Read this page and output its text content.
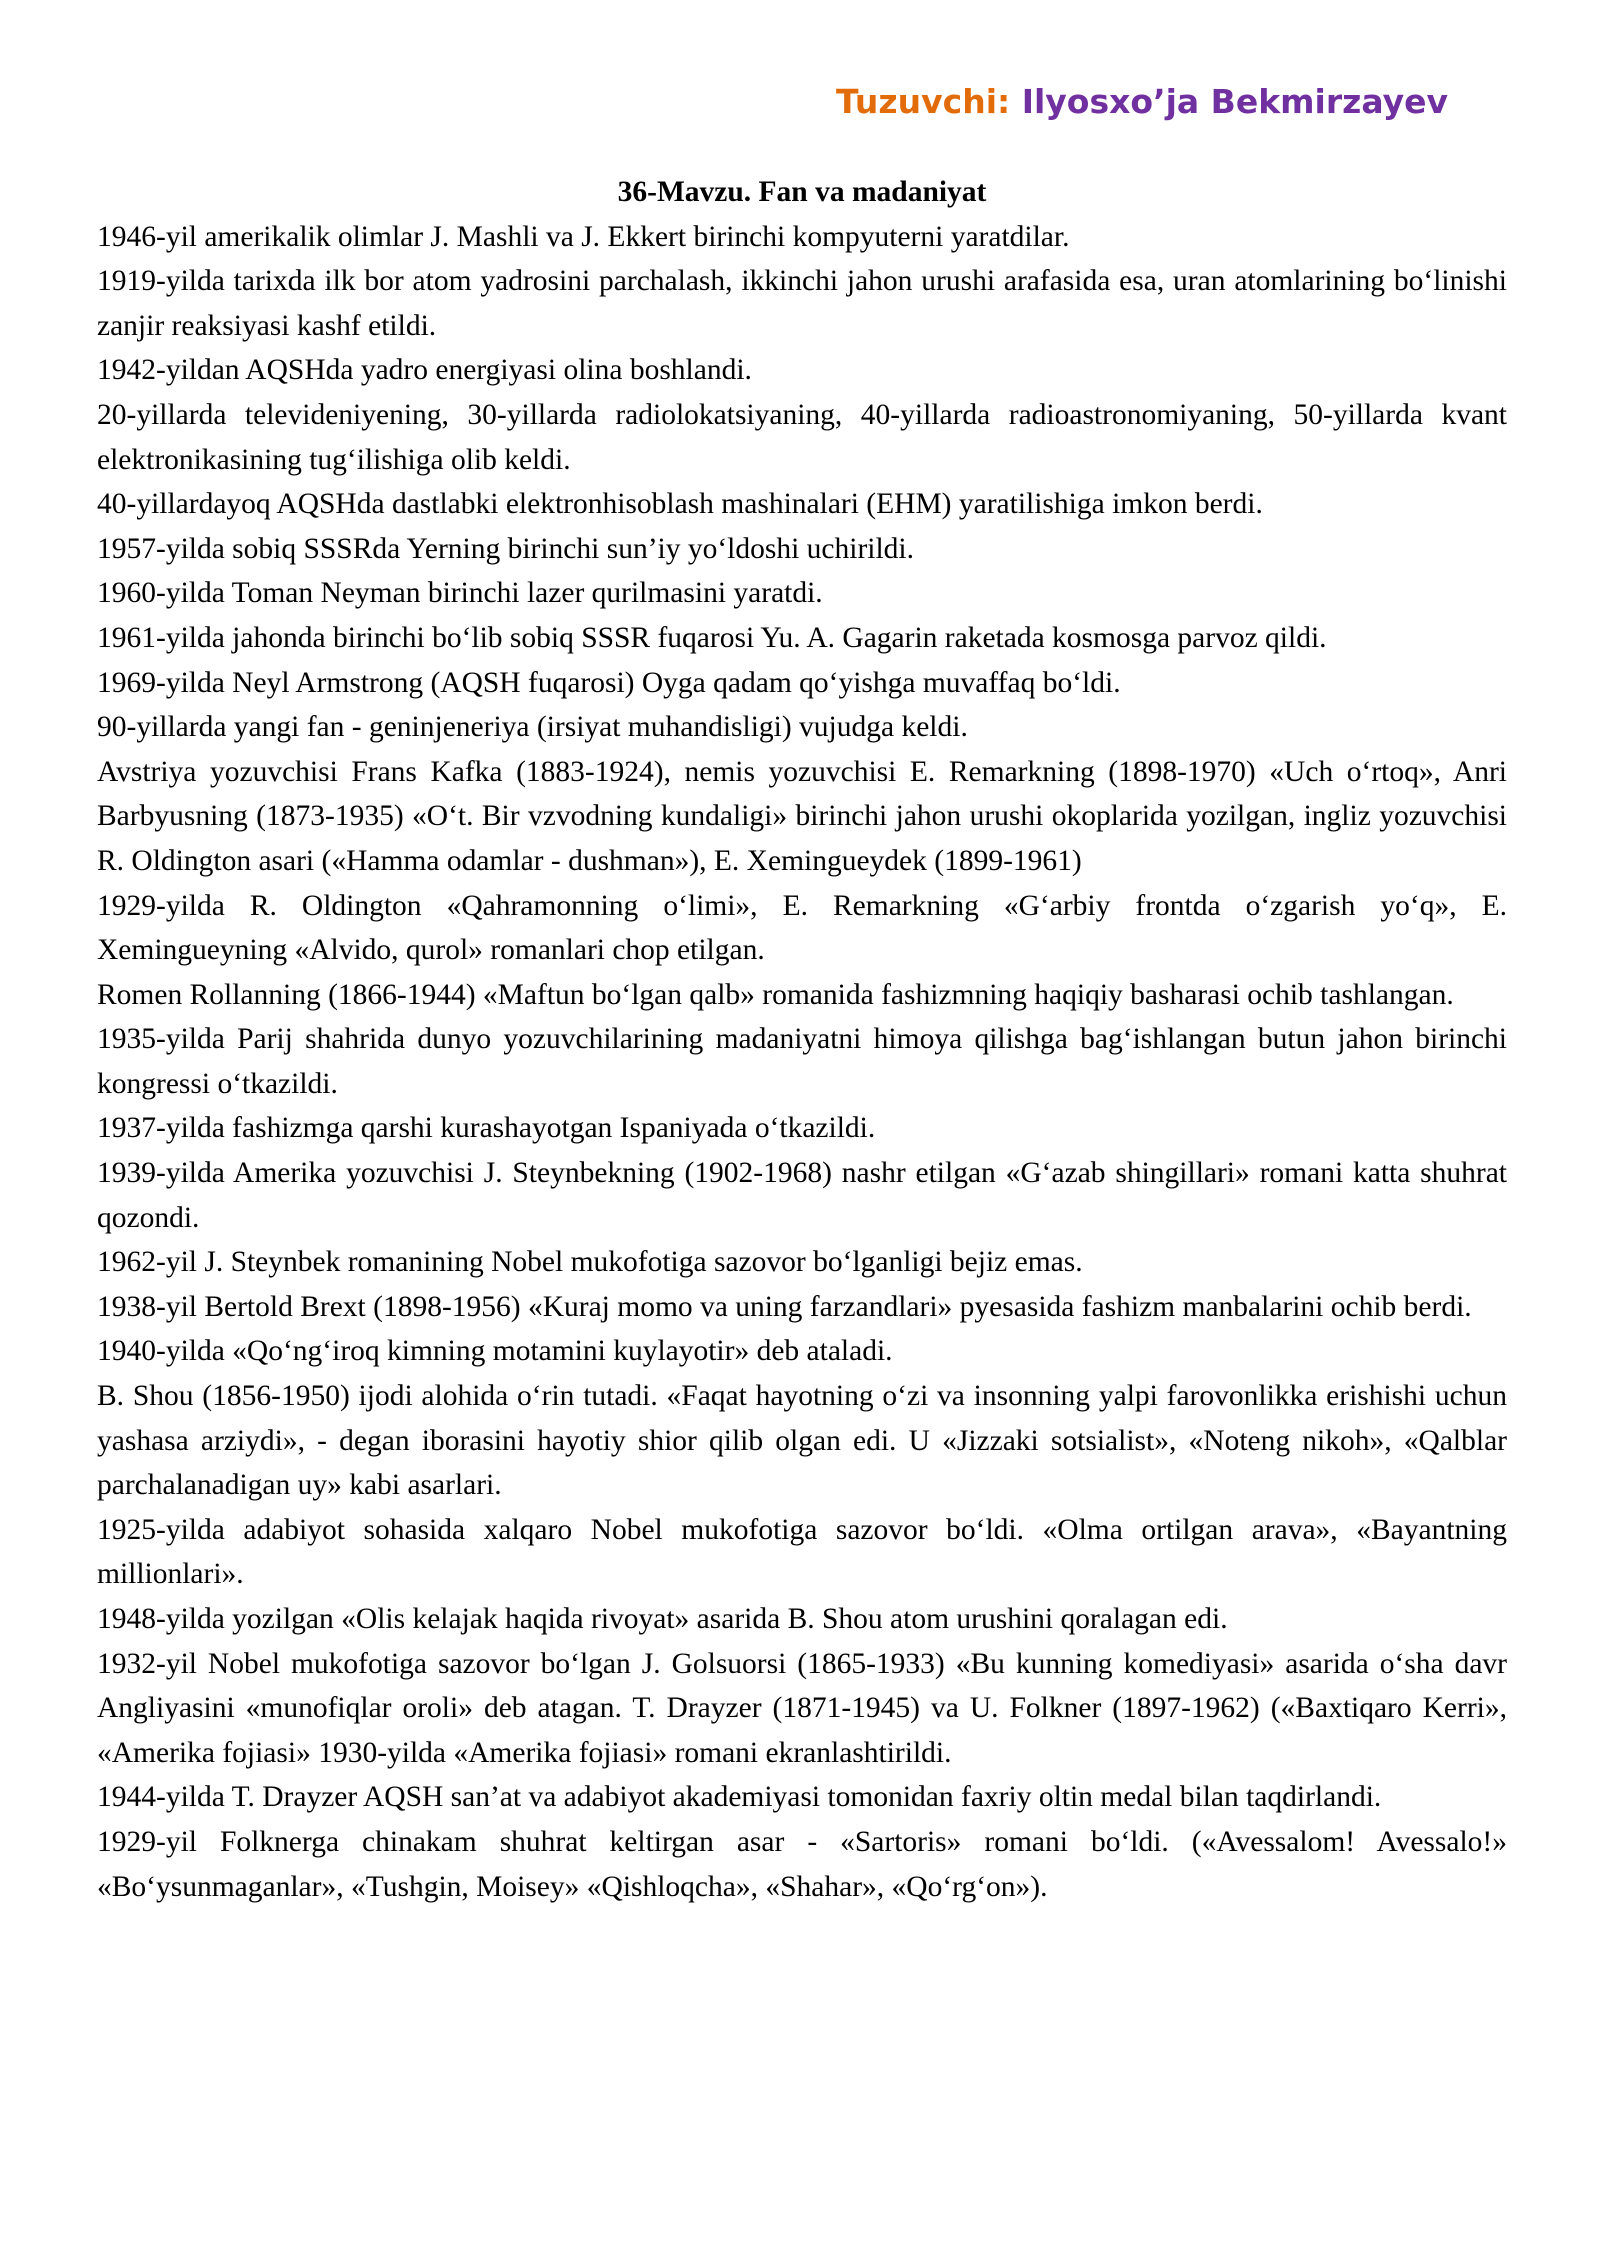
Tuzuvchi: Ilyosxo’ja Bekmirzayev

36-Mavzu. Fan va madaniyat

1946-yil amerikalik olimlar J. Mashli va J. Ekkert birinchi kompyuterni yaratdilar.

1919-yilda tarixda ilk bor atom yadrosini parchalash, ikkinchi jahon urushi arafasida esa, uran atomlarining bo‘linishi zanjir reaksiyasi kashf etildi.

1942-yildan AQSHda yadro energiyasi olina boshlandi.

20-yillarda televideniyening, 30-yillarda radiolokatsiyaning, 40-yillarda radioastronomiyaning, 50-yillarda kvant elektronikasining tug‘ilishiga olib keldi.

40-yillardayoq AQSHda dastlabki elektronhisoblash mashinalari (EHM) yaratilishiga imkon berdi.

1957-yilda sobiq SSSRda Yerning birinchi sun’iy yo‘ldoshi uchirildi.

1960-yilda Toman Neyman birinchi lazer qurilmasini yaratdi.

1961-yilda jahonda birinchi bo‘lib sobiq SSSR fuqarosi Yu. A. Gagarin raketada kosmosga parvoz qildi.

1969-yilda Neyl Armstrong (AQSH fuqarosi) Oyga qadam qo‘yishga muvaffaq bo‘ldi.

90-yillarda yangi fan - geninjeneriya (irsiyat muhandisligi) vujudga keldi.

Avstriya yozuvchisi Frans Kafka (1883-1924), nemis yozuvchisi E. Remarkning (1898-1970) «Uch o‘rtoq», Anri Barbyusning (1873-1935) «O‘t. Bir vzvodning kundaligi» birinchi jahon urushi okoplarida yozilgan, ingliz yozuvchisi R. Oldington asari («Hamma odamlar - dushman»), E. Xemingueydek (1899-1961)

1929-yilda R. Oldington «Qahramonning o‘limi», E. Remarkning «G‘arbiy frontda o‘zgarish yo‘q», E. Xemingueyning «Alvido, qurol» romanlari chop etilgan.

Romen Rollanning (1866-1944) «Maftun bo‘lgan qalb» romanida fashizmning haqiqiy basharasi ochib tashlangan.

1935-yilda Parij shahrida dunyo yozuvchilarining madaniyatni himoya qilishga bag‘ishlangan butun jahon birinchi kongressi o‘tkazildi.

1937-yilda fashizmga qarshi kurashayotgan Ispaniyada o‘tkazildi.

1939-yilda Amerika yozuvchisi J. Steynbekning (1902-1968) nashr etilgan «G‘azab shingillari» romani katta shuhrat qozondi.

1962-yil J. Steynbek romanining Nobel mukofotiga sazovor bo‘lganligi bejiz emas.

1938-yil Bertold Brext (1898-1956) «Kuraj momo va uning farzandlari» pyesasida fashizm manbalarini ochib berdi.

1940-yilda «Qo‘ng‘iroq kimning motamini kuylayotir» deb ataladi.

B. Shou (1856-1950) ijodi alohida o‘rin tutadi. «Faqat hayotning o‘zi va insonning yalpi farovonlikka erishishi uchun yashasa arziydi», - degan iborasini hayotiy shior qilib olgan edi. U «Jizzaki sotsialist», «Noteng nikoh», «Qalblar parchalanadigan uy» kabi asarlari.

1925-yilda adabiyot sohasida xalqaro Nobel mukofotiga sazovor bo‘ldi. «Olma ortilgan arava», «Bayantning millionlari».

1948-yilda yozilgan «Olis kelajak haqida rivoyat» asarida B. Shou atom urushini qoralagan edi.

1932-yil Nobel mukofotiga sazovor bo‘lgan J. Golsuorsi (1865-1933) «Bu kunning komediyasi» asarida o‘sha davr Angliyasini «munofiqlar oroli» deb atagan. T. Drayzer (1871-1945) va U. Folkner (1897-1962) («Baxtiqaro Kerri», «Amerika fojiasi» 1930-yilda «Amerika fojiasi» romani ekranlashtirildi.

1944-yilda T. Drayzer AQSH san’at va adabiyot akademiyasi tomonidan faxriy oltin medal bilan taqdirlandi.

1929-yil Folknerga chinakam shuhrat keltirgan asar - «Sartoris» romani bo‘ldi. («Avessalom! Avessalo!» «Bo‘ysunmaganlar», «Tushgin, Moisey» «Qishloqcha», «Shahar», «Qo‘rg‘on»).
